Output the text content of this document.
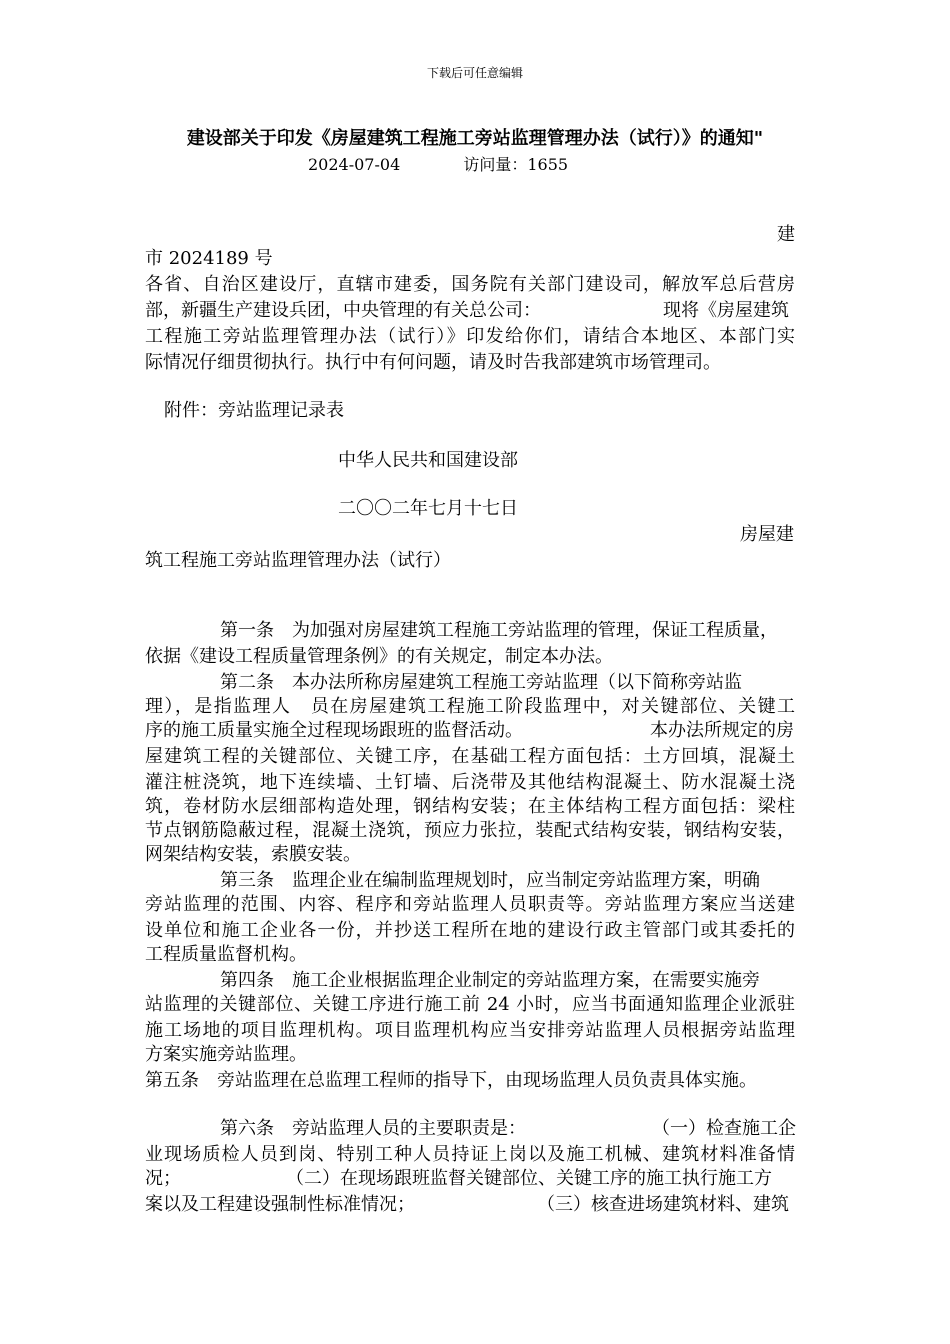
下载后可任意编辑
建设部关于印发《房屋建筑工程施工旁站监理管理办法（试行）》的通知"
2024-07-04	访问量：1655
建
市 2024189 号
各省、自治区建设厅，直辖市建委，国务院有关部门建设司，解放军总后营房
部，新疆生产建设兵团，中央管理的有关总公司：	现将《房屋建筑
工程施工旁站监理管理办法（试行）》印发给你们，请结合本地区、本部门实
际情况仔细贯彻执行。执行中有何问题，请及时告我部建筑市场管理司。
附件：旁站监理记录表
中华人民共和国建设部
二〇〇二年七月十七日
房屋建
筑工程施工旁站监理管理办法（试行）
第一条　为加强对房屋建筑工程施工旁站监理的管理，保证工程质量，
依据《建设工程质量管理条例》的有关规定，制定本办法。
第二条　本办法所称房屋建筑工程施工旁站监理（以下简称旁站监
理），是指监理人　员在房屋建筑工程施工阶段监理中，对关键部位、关键工
序的施工质量实施全过程现场跟班的监督活动。	本办法所规定的房
屋建筑工程的关键部位、关键工序，在基础工程方面包括：土方回填，混凝土
灌注桩浇筑，地下连续墙、土钉墙、后浇带及其他结构混凝土、防水混凝土浇
筑，卷材防水层细部构造处理，钢结构安装；在主体结构工程方面包括：梁柱
节点钢筋隐蔽过程，混凝土浇筑，预应力张拉，装配式结构安装，钢结构安装，
网架结构安装，索膜安装。
第三条　监理企业在编制监理规划时，应当制定旁站监理方案，明确
旁站监理的范围、内容、程序和旁站监理人员职责等。旁站监理方案应当送建
设单位和施工企业各一份，并抄送工程所在地的建设行政主管部门或其委托的
工程质量监督机构。
第四条　施工企业根据监理企业制定的旁站监理方案，在需要实施旁
站监理的关键部位、关键工序进行施工前 24 小时，应当书面通知监理企业派驻
施工场地的项目监理机构。项目监理机构应当安排旁站监理人员根据旁站监理
方案实施旁站监理。
第五条　旁站监理在总监理工程师的指导下，由现场监理人员负责具体实施。
第六条　旁站监理人员的主要职责是：	（一）检查施工企
业现场质检人员到岗、特别工种人员持证上岗以及施工机械、建筑材料准备情
况；	（二）在现场跟班监督关键部位、关键工序的施工执行施工方
案以及工程建设强制性标准情况；	（三）核查进场建筑材料、建筑
